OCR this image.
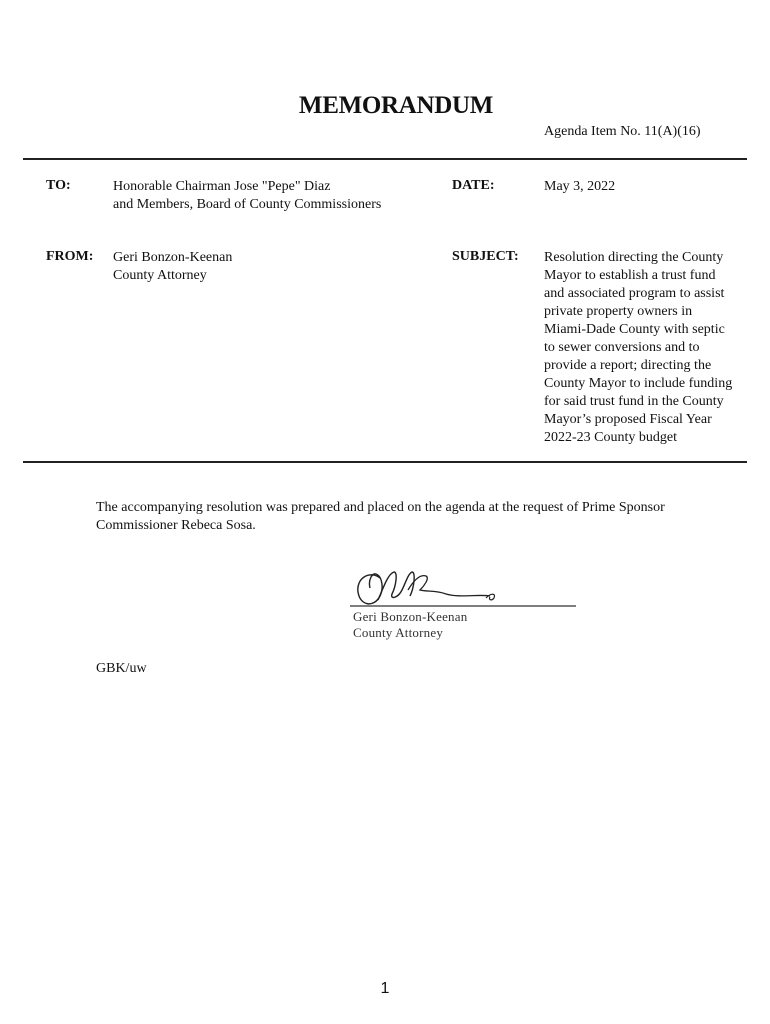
MEMORANDUM
Agenda Item No. 11(A)(16)
TO:	Honorable Chairman Jose "Pepe" Diaz
and Members, Board of County Commissioners
DATE:	May 3, 2022
FROM: Geri Bonzon-Keenan
County Attorney
SUBJECT: Resolution directing the County
Mayor to establish a trust fund
and associated program to assist
private property owners in
Miami-Dade County with septic
to sewer conversions and to
provide a report; directing the
County Mayor to include funding
for said trust fund in the County
Mayor’s proposed Fiscal Year
2022-23 County budget
The accompanying resolution was prepared and placed on the agenda at the request of Prime Sponsor
Commissioner Rebeca Sosa.
Geri Bonzon-Keenan
County Attorney
GBK/uw
1
